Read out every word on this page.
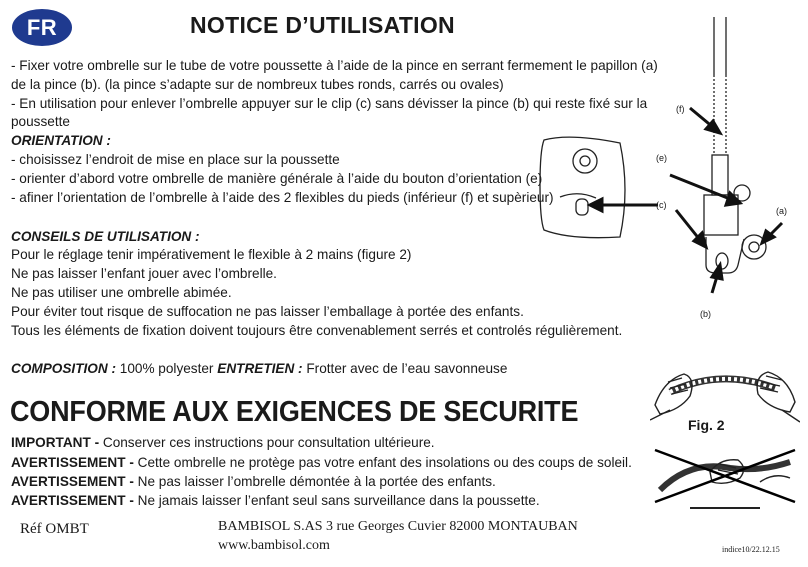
FR	NOTICE D’UTILISATION
- Fixer votre ombrelle sur le tube de votre poussette à l’aide de la pince en serrant fermement le papillon (a)
de la pince (b). (la pince s’adapte sur de nombreux tubes ronds, carrés ou ovales)
- En utilisation pour enlever l’ombrelle appuyer sur le clip (c) sans dévisser la pince (b) qui reste fixé sur la
poussette
ORIENTATION :
- choisissez l’endroit de mise en place sur la poussette
- orienter d’abord votre ombrelle de manière générale à l’aide du bouton d’orientation (e)
- afiner l’orientation de l’ombrelle à l’aide des 2 flexibles du pieds (inférieur (f) et supèrieur)
CONSEILS DE UTILISATION :
Pour le réglage tenir impérativement le flexible à 2 mains (figure 2)
Ne pas laisser l’enfant jouer avec l’ombrelle.
Ne pas utiliser une ombrelle abimée.
Pour éviter tout risque de suffocation ne pas laisser l’emballage à portée des enfants.
Tous les éléments de fixation doivent toujours être convenablement serrés et controlés régulièrement.
COMPOSITION : 100% polyester ENTRETIEN : Frotter avec de l’eau savonneuse
CONFORME AUX EXIGENCES DE SECURITE
IMPORTANT - Conserver ces instructions pour consultation ultérieure.
AVERTISSEMENT - Cette ombrelle ne protège pas votre enfant des insolations ou des coups de soleil.
AVERTISSEMENT - Ne pas laisser l’ombrelle démontée à la portée des enfants.
AVERTISSEMENT - Ne jamais laisser l’enfant seul sans surveillance dans la poussette.
Réf OMBT	BAMBISOL S.AS 3 rue Georges Cuvier 82000 MONTAUBAN
www.bambisol.com	indice10/22.12.15
(f)
(e)
(c)
(a)
(b)
Fig. 2
